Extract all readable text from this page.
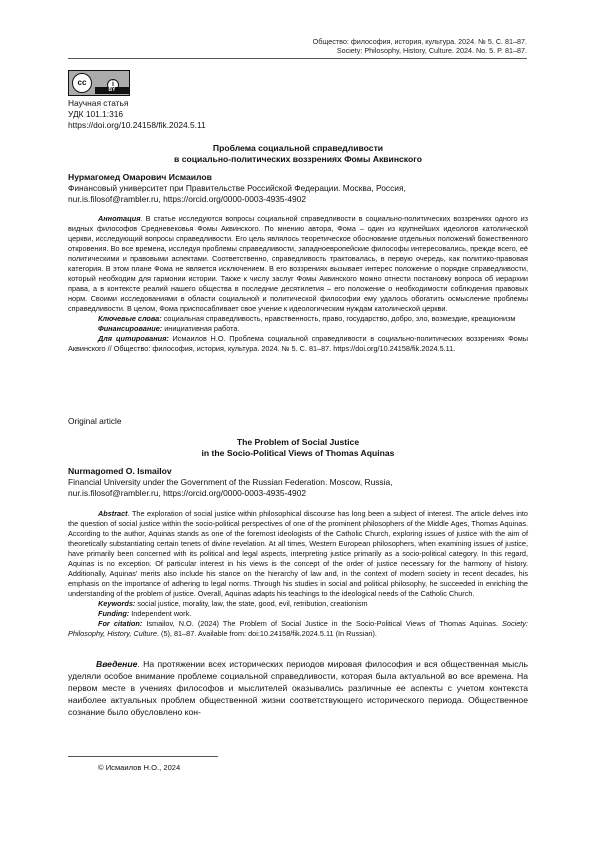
Общество: философия, история, культура. 2024. № 5. С. 81–87.
Society: Philosophy, History, Culture. 2024. No. 5. P. 81–87.
cc	i
BY
Научная статья
УДК 101.1:316
https://doi.org/10.24158/fik.2024.5.11
Проблема социальной справедливости
в социально-политических воззрениях Фомы Аквинского
Нурмагомед Омарович Исмаилов
Финансовый университет при Правительстве Российской Федерации. Москва, Россия,
nur.is.filosof@rambler.ru, https://orcid.org/0000-0003-4935-4902
Аннотация. В статье исследуются вопросы социальной справедливости в социально-политических воззрениях одного из видных философов Средневековья Фомы Аквинского. По мнению автора, Фома – один из крупнейших идеологов католической церкви, исследующий вопросы справедливости. Его цель являлось теоретическое обоснование отдельных положений божественного откровения. Во все времена, исследуя проблемы справедливости, западноевропейские философы интересовались, прежде всего, её политическими и правовыми аспектами. Соответственно, справедливость трактовалась, в первую очередь, как политико-правовая категория. В этом плане Фома не является исключением. В его воззрениях вызывает интерес положение о порядке справедливости, который необходим для гармонии истории. Также к числу заслуг Фомы Аквинского можно отнести постановку вопроса об иерархии права, а в контексте реалий нашего общества в последние десятилетия – его положение о необходимости соблюдения правовых норм. Своими исследованиями в области социальной и политической философии ему удалось обогатить осмысление проблемы справедливости. В целом, Фома приспосабливает свое учение к идеологическим нуждам католической церкви.
Ключевые слова: социальная справедливость, нравственность, право, государство, добро, зло, возмездие, креационизм
Финансирование: инициативная работа.
Для цитирования: Исмаилов Н.О. Проблема социальной справедливости в социально-политических воззрениях Фомы Аквинского // Общество: философия, история, культура. 2024. № 5. С. 81–87. https://doi.org/10.24158/fik.2024.5.11.
Original article
The Problem of Social Justice
in the Socio-Political Views of Thomas Aquinas
Nurmagomed O. Ismailov
Financial University under the Government of the Russian Federation. Moscow, Russia,
nur.is.filosof@rambler.ru, https://orcid.org/0000-0003-4935-4902
Abstract. The exploration of social justice within philosophical discourse has long been a subject of interest. The article delves into the question of social justice within the socio-political perspectives of one of the prominent philosophers of the Middle Ages, Thomas Aquinas. According to the author, Aquinas stands as one of the foremost ideologists of the Catholic Church, exploring issues of justice with the aim of theoretically substantiating certain tenets of divine revelation. At all times, Western European philosophers, when examining issues of justice, have primarily been concerned with its political and legal aspects, interpreting justice primarily as a socio-political category. In this regard, Aquinas is no exception. Of particular interest in his views is the concept of the order of justice necessary for the harmony of history. Additionally, Aquinas' merits also include his stance on the hierarchy of law and, in the context of modern society in recent decades, his emphasis on the importance of adhering to legal norms. Through his studies in social and political philosophy, he succeeded in enriching the understanding of the problem of justice. Overall, Aquinas adapts his teachings to the ideological needs of the Catholic Church.
Keywords: social justice, morality, law, the state, good, evil, retribution, creationism
Funding: Independent work.
For citation: Ismailov, N.O. (2024) The Problem of Social Justice in the Socio-Political Views of Thomas Aquinas. Society: Philosophy, History, Culture. (5), 81–87. Available from: doi:10.24158/fik.2024.5.11 (In Russian).
Введение. На протяжении всех исторических периодов мировая философия и вся общественная мысль уделяли особое внимание проблеме социальной справедливости, которая была актуальной во все времена. На первом месте в учениях философов и мыслителей оказывались различные ее аспекты с учетом контекста наиболее актуальных проблем общественной жизни соответствующего исторического периода. Общественное сознание было обусловлено кон-
© Исмаилов Н.О., 2024
